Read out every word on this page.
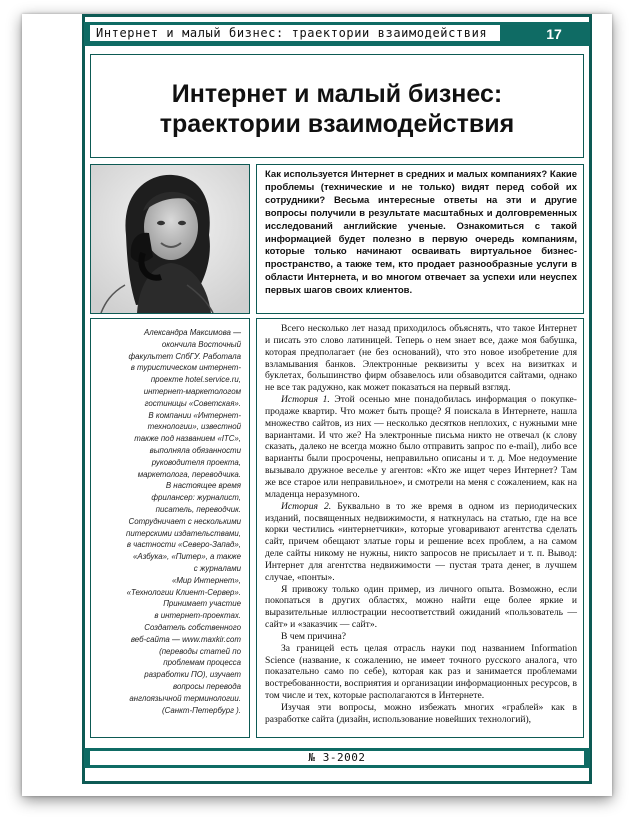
Интернет и малый бизнес: траектории взаимодействия	17
Интернет и малый бизнес:
траектории взаимодействия
Как используется Интернет в средних и малых компаниях? Какие проблемы (технические и не только) видят перед собой их сотрудники? Весьма интересные ответы на эти и другие вопросы получили в результате масштабных и долговременных исследований английские ученые. Ознакомиться с такой информацией будет полезно в первую очередь компаниям, которые только начинают осваивать виртуальное бизнес-пространство, а также тем, кто продает разнообразные услуги в области Интернета, и во многом отвечает за успехи или неуспех первых шагов своих клиентов.
Александра Максимова —
окончила Восточный
факультет СпбГУ. Работала
в туристическом интернет-
проекте hotel.service.ru,
интернет-маркетологом
гостиницы «Советская».
В компании «Интернет-
технологии», известной
также под названием «ITC»,
выполняла обязанности
руководителя проекта,
маркетолога, переводчика.
В настоящее время
фрилансер: журналист,
писатель, переводчик.
Сотрудничает с несколькими
питерскими издательствами,
в частности «Северо-Запад»,
«Азбука», «Питер», а также
с журналами
«Мир Интернет»,
«Технологии Клиент-Сервер».
Принимает участие
в интернет-проектах.
Создатель собственного
веб-сайта — www.maxkir.com
(переводы статей по
проблемам процесса
разработки ПО), изучает
вопросы перевода
англоязычной терминологии.
(Санкт-Петербург ).

Всего несколько лет назад приходилось объяснять, что такое Интернет и писать это слово латиницей. Теперь о нем знает все, даже моя бабушка, которая предполагает (не без оснований), что это новое изобретение для взламывания банков. Электронные реквизиты у всех на визитках и буклетах, большинство фирм обзавелось или обзаводится сайтами, однако не все так радужно, как может показаться на первый взгляд.

История 1. Этой осенью мне понадобилась информация о покупке-продаже квартир. Что может быть проще? Я поискала в Интернете, нашла множество сайтов, из них — несколько десятков неплохих, с нужными мне вариантами. И что же? На электронные письма никто не отвечал (к слову сказать, далеко не всегда можно было отправить запрос по e-mail), либо все варианты были просрочены, неправильно описаны и т. д. Мое недоумение вызывало дружное веселье у агентов: «Кто же ищет через Интернет? Там же все старое или неправильное», и смотрели на меня с сожалением, как на младенца неразумного.

История 2. Буквально в то же время в одном из периодических изданий, посвященных недвижимости, я наткнулась на статью, где на все корки честились «интернетчики», которые уговаривают агентства сделать сайт, причем обещают златые горы и решение всех проблем, а на самом деле сайты никому не нужны, никто запросов не присылает и т. п. Вывод: Интернет для агентства недвижимости — пустая трата денег, в лучшем случае, «понты».

Я привожу только один пример, из личного опыта. Возможно, если покопаться в других областях, можно найти еще более яркие и выразительные иллюстрации несоответствий ожиданий «пользователь — сайт» и «заказчик — сайт».

В чем причина?

За границей есть целая отрасль науки под названием Information Science (название, к сожалению, не имеет точного русского аналога, что показательно само по себе), которая как раз и занимается проблемами востребованности, восприятия и организации информационных ресурсов, в том числе и тех, которые располагаются в Интернете.

Изучая эти вопросы, можно избежать многих «граблей» как в разработке сайта (дизайн, использование новейших технологий),

№ 3-2002
